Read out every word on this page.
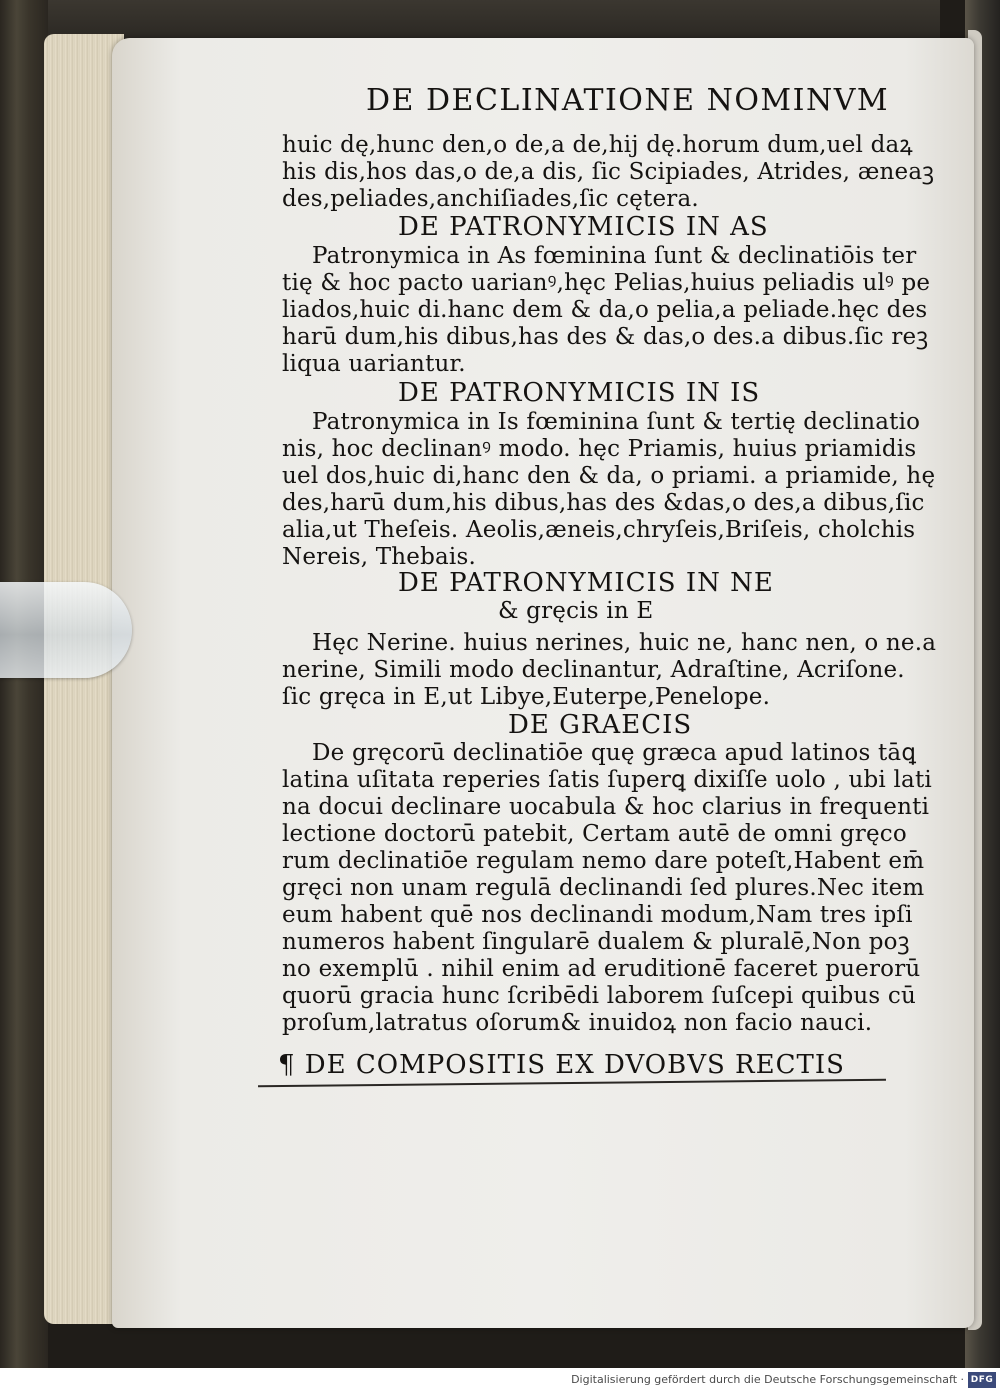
DE DECLINATIONE NOMINVM
huic dę,hunc den,o de,a de,hij dę.horum dum,uel daꝝ
his dis,hos das,o de,a dis, ſic Scipiades, Atrides, æneaꝫ
des,peliades,anchiſiades,ſic cętera.
DE PATRONYMICIS IN AS
Patronymica in As fœminina ſunt & declinatiōis ter
tię & hoc pacto uarianꝰ,hęc Pelias,huius peliadis ulꝰ pe
liados,huic di.hanc dem & da,o pelia,a peliade.hęc des
harū dum,his dibus,has des & das,o des.a dibus.ſic reꝫ
liqua uariantur.
DE PATRONYMICIS IN IS
Patronymica in Is fœminina ſunt & tertię declinatio
nis, hoc declinanꝰ modo. hęc Priamis, huius priamidis
uel dos,huic di,hanc den & da, o priami. a priamide, hę
des,harū dum,his dibus,has des &das,o des,a dibus,ſic
alia,ut Theſeis. Aeolis,æneis,chryſeis,Briſeis, cholchis
Nereis, Thebais.
DE PATRONYMICIS IN NE
& gręcis in E
Hęc Nerine. huius nerines, huic ne, hanc nen, o ne.a
nerine, Simili modo declinantur, Adraſtine, Acriſone.
ſic gręca in E,ut Libye,Euterpe,Penelope.
DE GRAECIS
De gręcorū declinatiōe quę græca apud latinos tāꝗ
latina uſitata reperies ſatis ſuperꝗ dixiſſe uolo , ubi lati
na docui declinare uocabula & hoc clarius in frequenti
lectione doctorū patebit, Certam autē de omni gręco
rum declinatiōe regulam nemo dare poteſt,Habent em̄
gręci non unam regulā declinandi ſed plures.Nec item
eum habent quē nos declinandi modum,Nam tres ipſi
numeros habent ſingularē dualem & pluralē,Non poꝫ
no exemplū . nihil enim ad eruditionē faceret puerorū
quorū gracia hunc ſcribēdi laborem ſuſcepi quibus cū
proſum,latratus oſorum& inuidoꝝ non facio nauci.
¶ DE COMPOSITIS EX DVOBVS RECTIS
Digitalisierung gefördert durch die Deutsche Forschungsgemeinschaft · DFG
